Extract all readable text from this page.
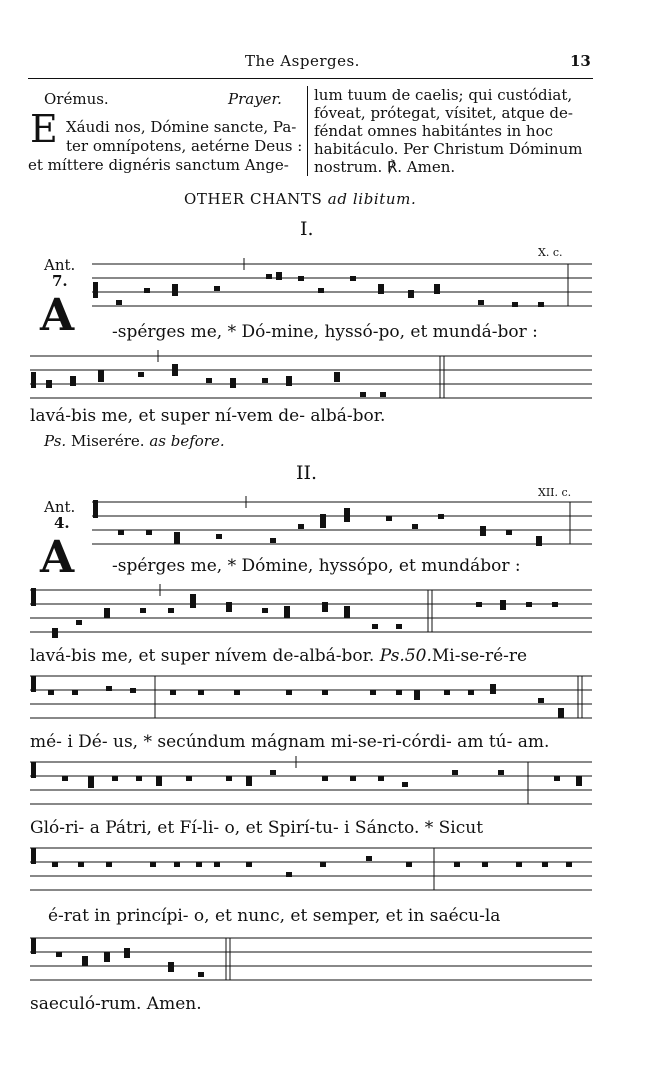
The Asperges.	13
Orémus.	Prayer.
E Xáudi nos, Dómine sancte, Pa-
ter omnípotens, aetérne Deus :
et míttere dignéris sanctum Ange-
lum tuum de caelis; qui custódiat,
fóveat, prótegat, vísitet, atque de-
féndat omnes habitántes in hoc
habitáculo. Per Christum Dóminum
nostrum. ℟. Amen.
OTHER CHANTS ad libitum.
I.
Ant.
7.
X. c.
A -spérges me, * Dó-mine, hyssó-po, et mundá-bor :
lavá-bis me, et super ní-vem de- albá-bor.
Ps. Miserére. as before.
II.
Ant.
4.
XII. c.
A -spérges me, * Dómine, hyssópo, et mundábor :
lavá-bis me, et super nívem de-albá-bor. Ps.50.Mi-se-ré-re
mé- i Dé- us, * secúndum mágnam mi-se-ri-córdi- am tú- am.
Gló-ri- a Pátri, et Fí-li- o, et Spirí-tu- i Sáncto. * Sicut
é-rat in princípi- o, et nunc, et semper, et in saécu-la
saeculó-rum. Amen.
